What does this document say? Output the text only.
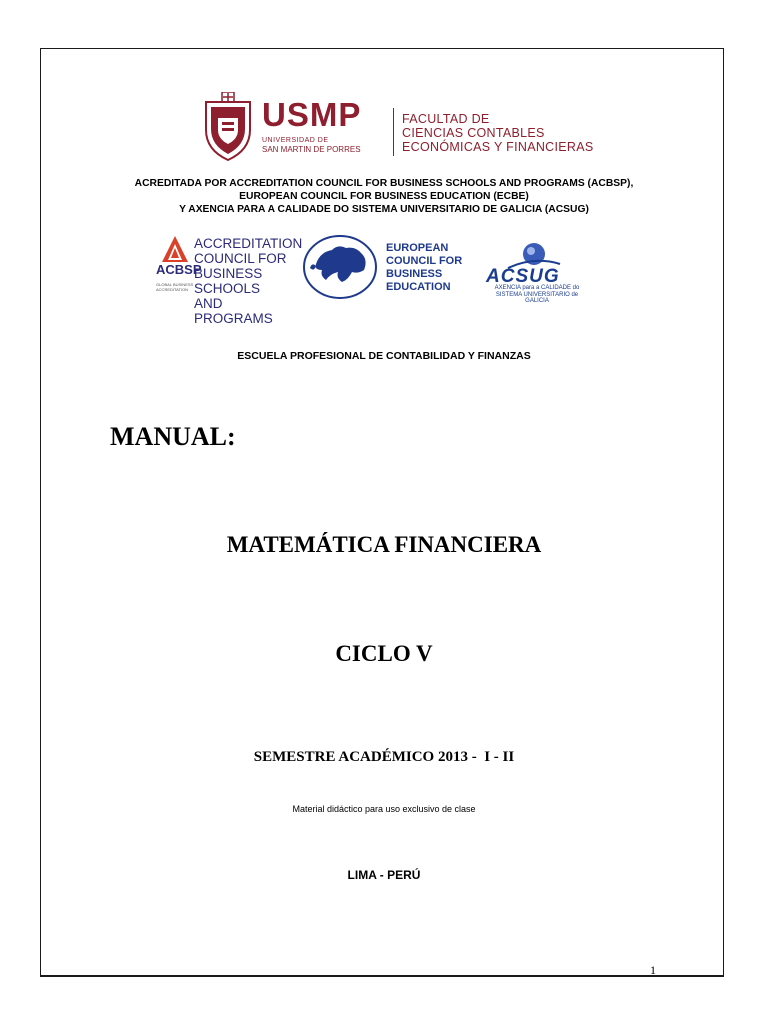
USMP
UNIVERSIDAD DE
SAN MARTIN DE PORRES
FACULTAD DE
CIENCIAS CONTABLES
ECONÓMICAS Y FINANCIERAS
ACREDITADA POR ACCREDITATION COUNCIL FOR BUSINESS SCHOOLS AND PROGRAMS (ACBSP),
EUROPEAN COUNCIL FOR BUSINESS EDUCATION (ECBE)
Y AXENCIA PARA A CALIDADE DO SISTEMA UNIVERSITARIO DE GALICIA (ACSUG)
ACBSP
GLOBAL BUSINESS ACCREDITATION
ACCREDITATION
COUNCIL FOR
BUSINESS SCHOOLS
AND PROGRAMS
EUROPEAN
COUNCIL FOR
BUSINESS
EDUCATION	ACSUG
AXENCIA para a CALIDADE do
SISTEMA UNIVERSITARIO de
GALICIA
ESCUELA PROFESIONAL DE CONTABILIDAD Y FINANZAS
MANUAL:
MATEMÁTICA FINANCIERA
CICLO V
SEMESTRE ACADÉMICO 2013 -  I - II
Material didáctico para uso exclusivo de clase
LIMA - PERÚ
1
